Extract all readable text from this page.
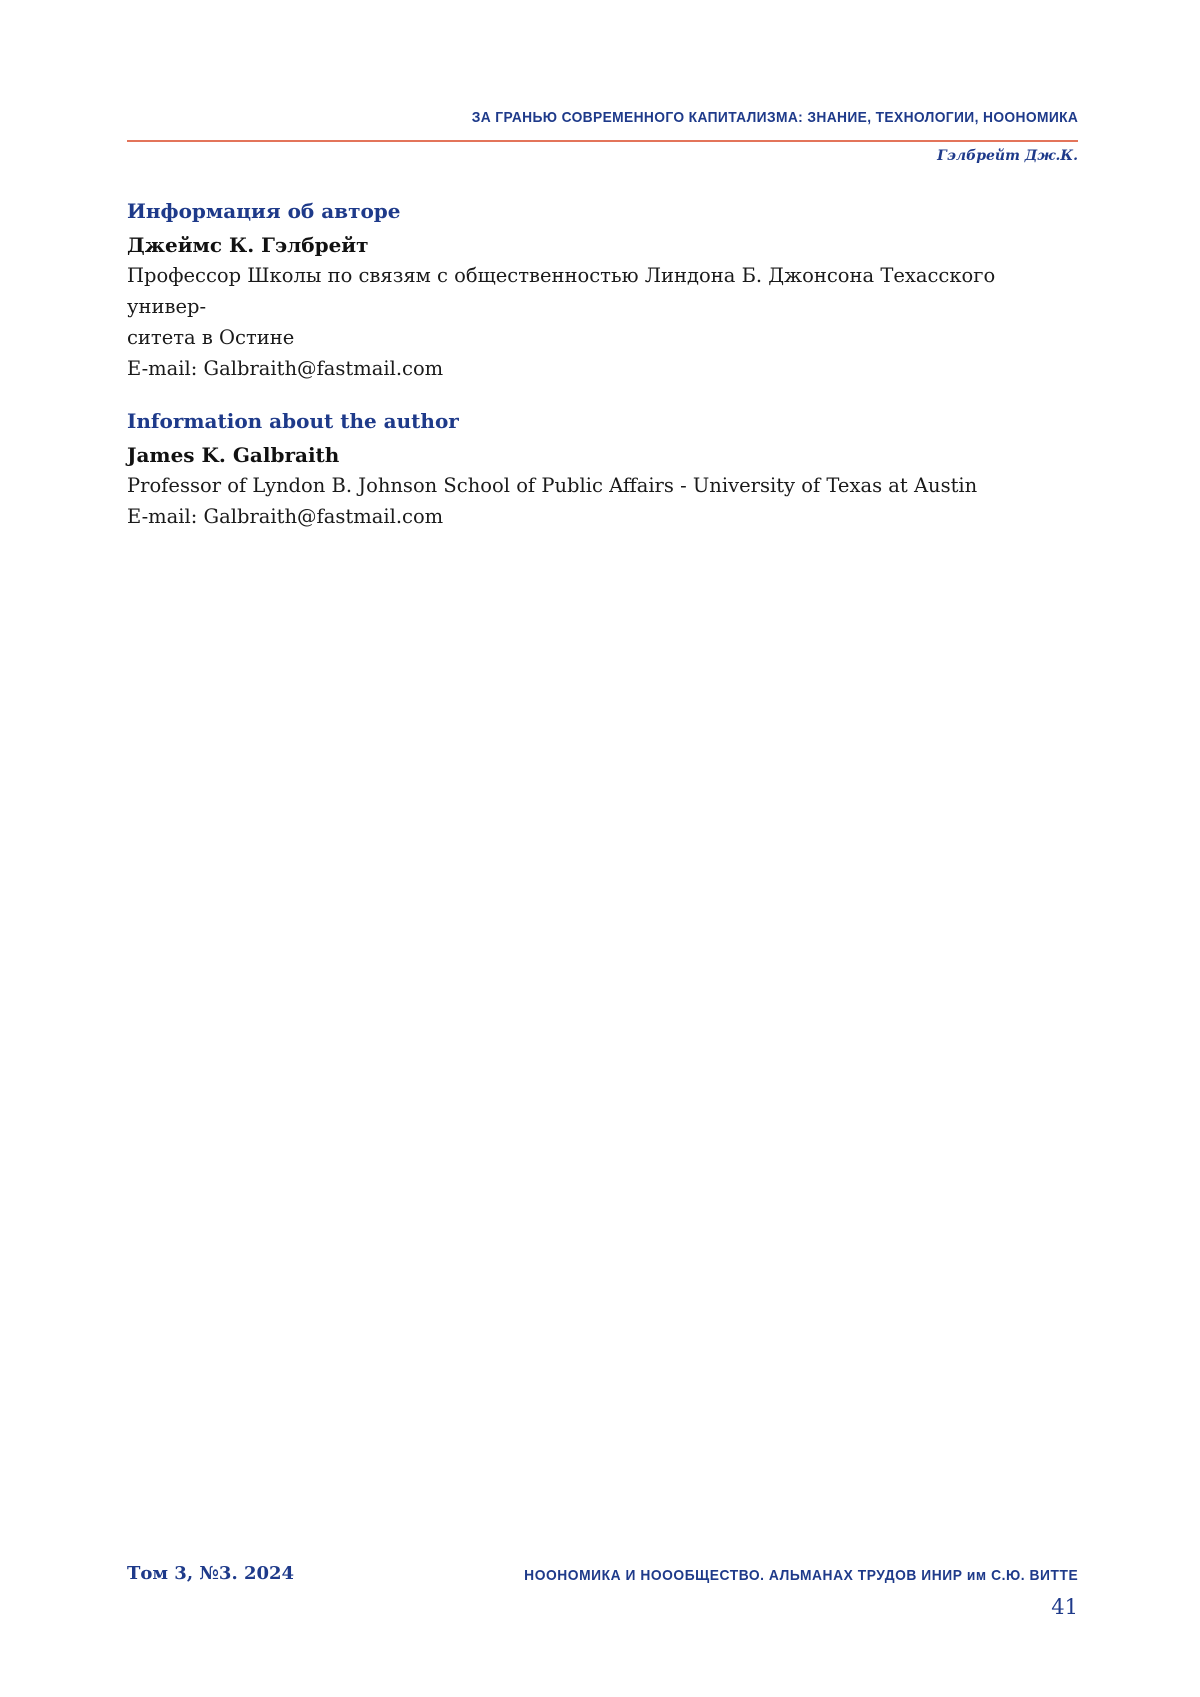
ЗА ГРАНЬЮ СОВРЕМЕННОГО КАПИТАЛИЗМА: ЗНАНИЕ, ТЕХНОЛОГИИ, НООНОМИКА
Гэлбрейт Дж.К.

Информация об авторе

Джеймс К. Гэлбрейт

Профессор Школы по связям с общественностью Линдона Б. Джонсона Техасского универ-

ситета в Остине

E-mail: Galbraith@fastmail.com

Information about the author

James K. Galbraith

Professor of Lyndon B. Johnson School of Public Affairs - University of Texas at Austin

E-mail: Galbraith@fastmail.com

Том 3, №3. 2024	НООНОМИКА И НОООБЩЕСТВО. АЛЬМАНАХ ТРУДОВ ИНИР им С.Ю. ВИТТЕ
41
